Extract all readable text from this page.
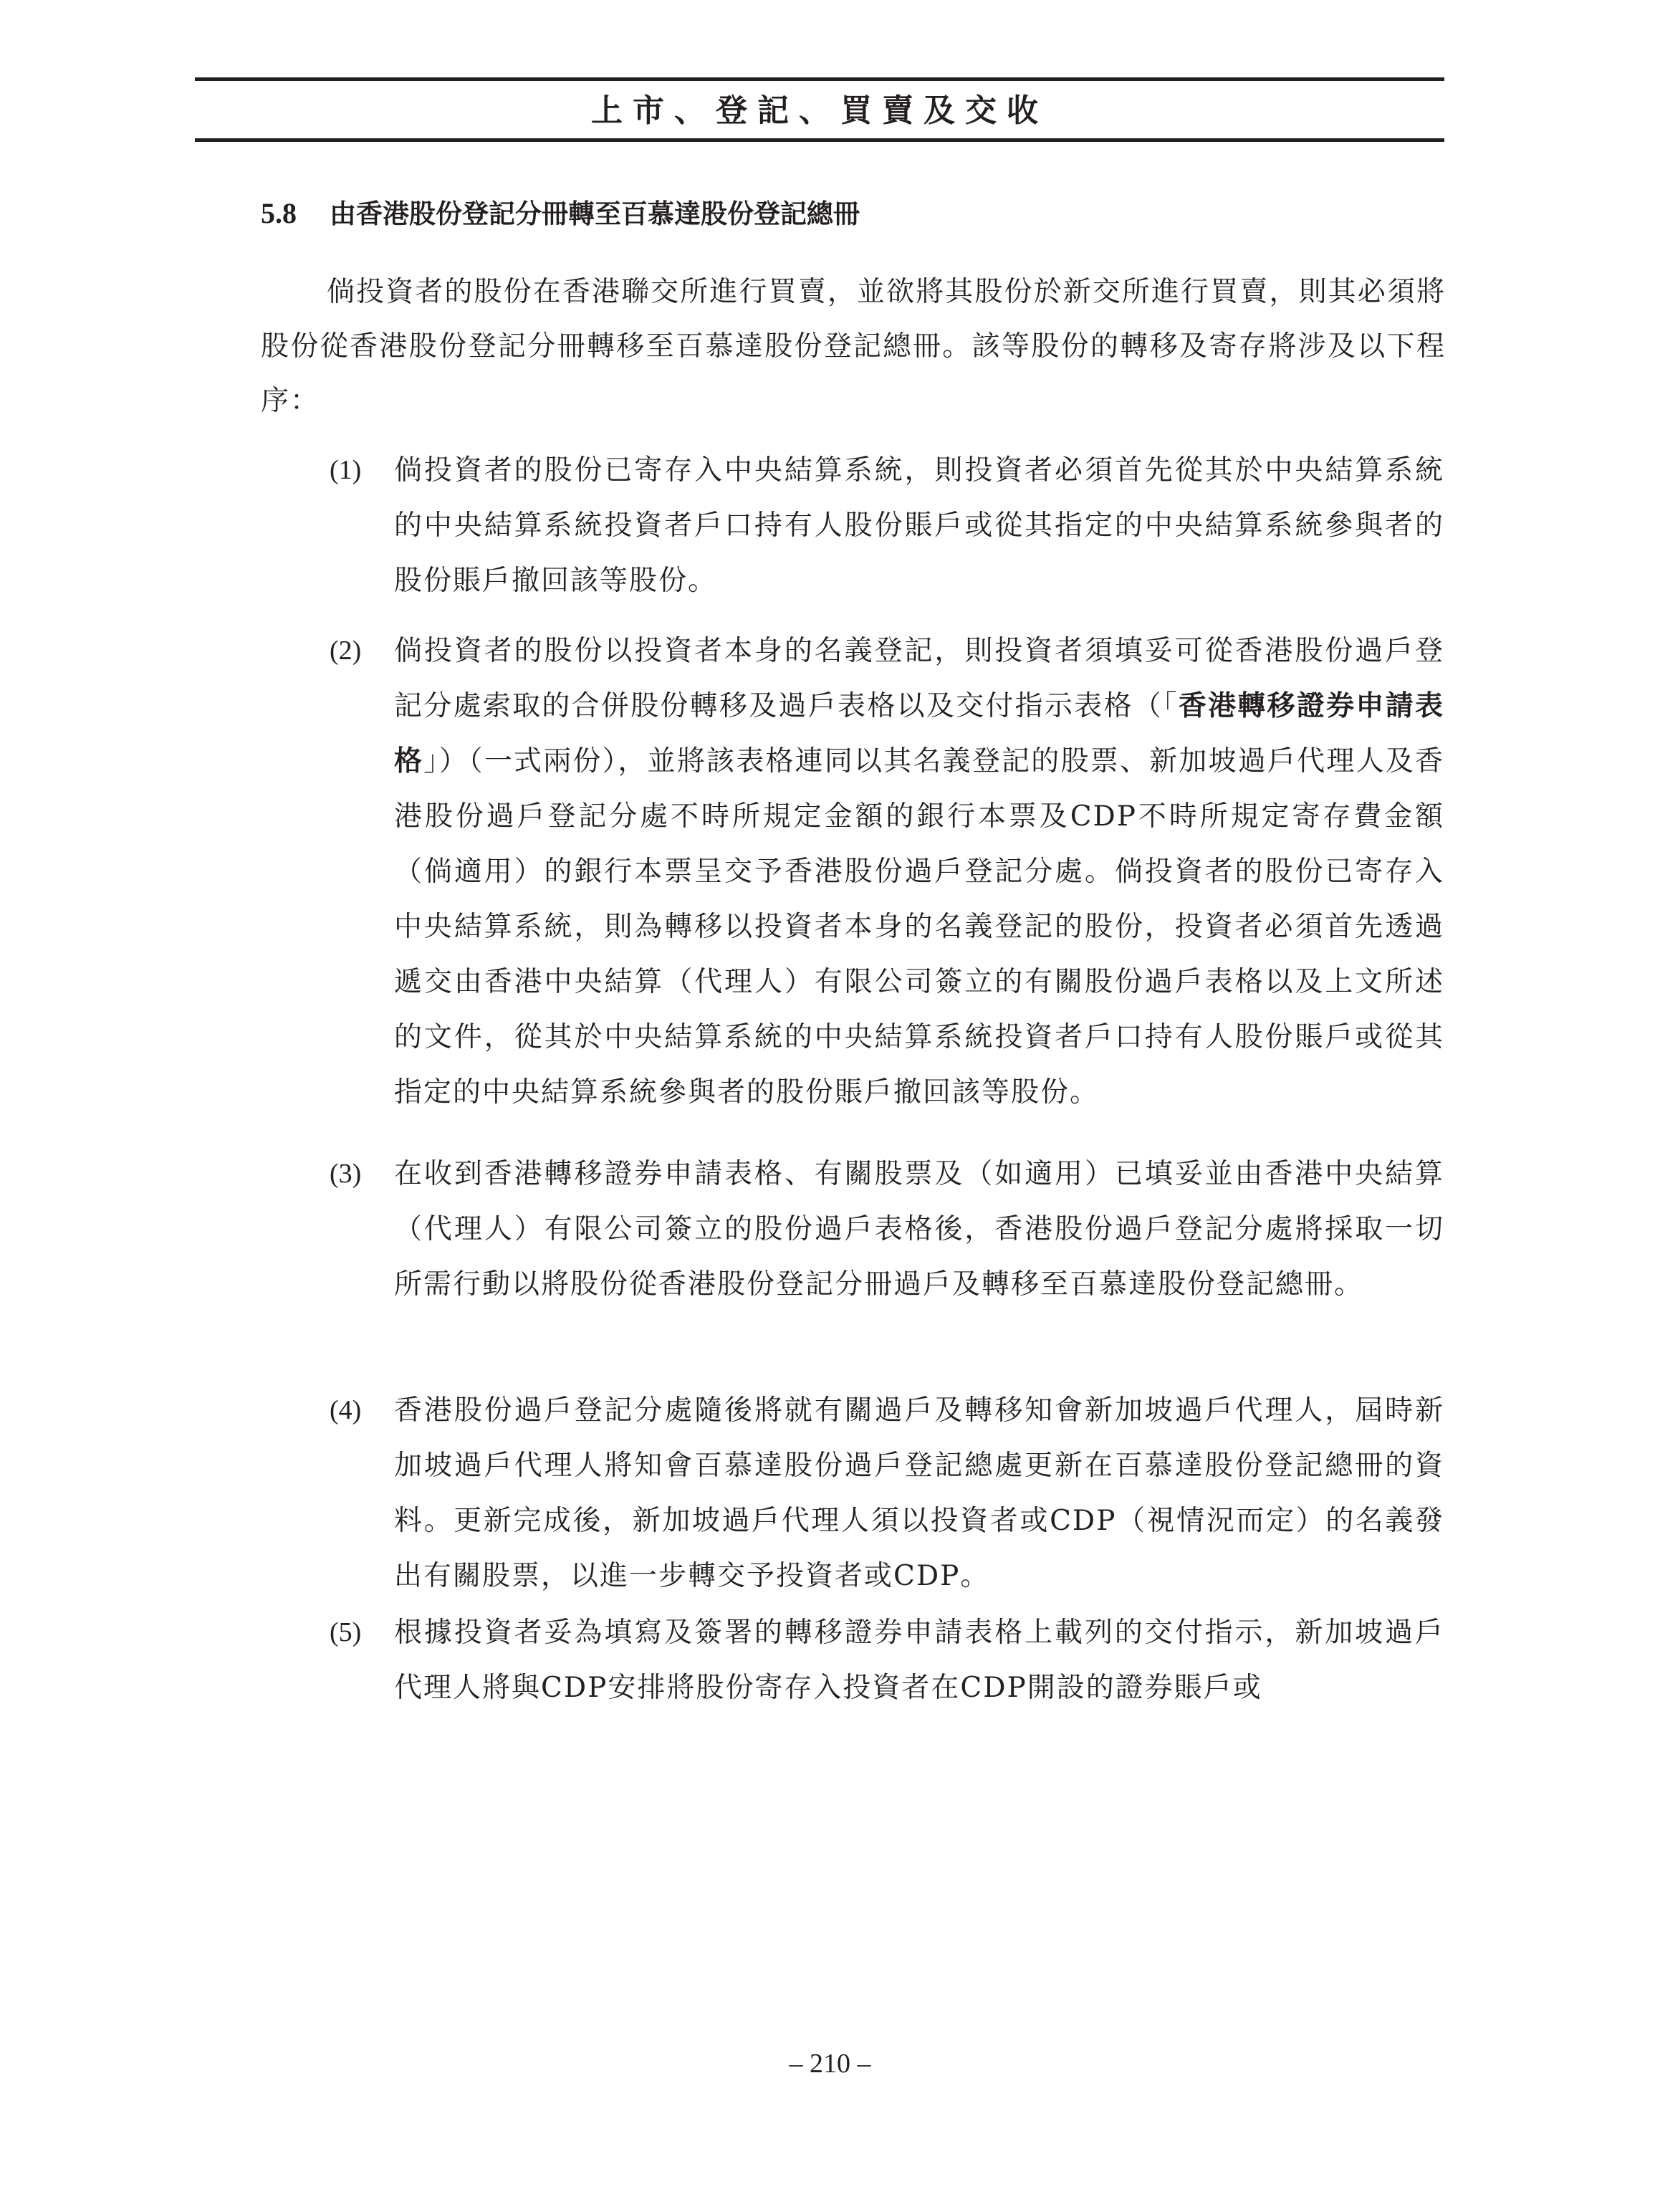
上市、登記、買賣及交收
5.8 由香港股份登記分冊轉至百慕達股份登記總冊
倘投資者的股份在香港聯交所進行買賣，並欲將其股份於新交所進行買賣，則其必須將股份從香港股份登記分冊轉移至百慕達股份登記總冊。該等股份的轉移及寄存將涉及以下程序：
(1)	倘投資者的股份已寄存入中央結算系統，則投資者必須首先從其於中央結算系統的中央結算系統投資者戶口持有人股份賬戶或從其指定的中央結算系統參與者的股份賬戶撤回該等股份。
(2)	倘投資者的股份以投資者本身的名義登記，則投資者須填妥可從香港股份過戶登記分處索取的合併股份轉移及過戶表格以及交付指示表格（「香港轉移證券申請表格」）（一式兩份），並將該表格連同以其名義登記的股票、新加坡過戶代理人及香港股份過戶登記分處不時所規定金額的銀行本票及CDP不時所規定寄存費金額（倘適用）的銀行本票呈交予香港股份過戶登記分處。倘投資者的股份已寄存入中央結算系統，則為轉移以投資者本身的名義登記的股份，投資者必須首先透過遞交由香港中央結算（代理人）有限公司簽立的有關股份過戶表格以及上文所述的文件，從其於中央結算系統的中央結算系統投資者戶口持有人股份賬戶或從其指定的中央結算系統參與者的股份賬戶撤回該等股份。
(3)	在收到香港轉移證券申請表格、有關股票及（如適用）已填妥並由香港中央結算（代理人）有限公司簽立的股份過戶表格後，香港股份過戶登記分處將採取一切所需行動以將股份從香港股份登記分冊過戶及轉移至百慕達股份登記總冊。
(4)	香港股份過戶登記分處隨後將就有關過戶及轉移知會新加坡過戶代理人，屆時新加坡過戶代理人將知會百慕達股份過戶登記總處更新在百慕達股份登記總冊的資料。更新完成後，新加坡過戶代理人須以投資者或CDP（視情況而定）的名義發出有關股票，以進一步轉交予投資者或CDP。
(5)	根據投資者妥為填寫及簽署的轉移證券申請表格上載列的交付指示，新加坡過戶代理人將與CDP安排將股份寄存入投資者在CDP開設的證券賬戶或
– 210 –
